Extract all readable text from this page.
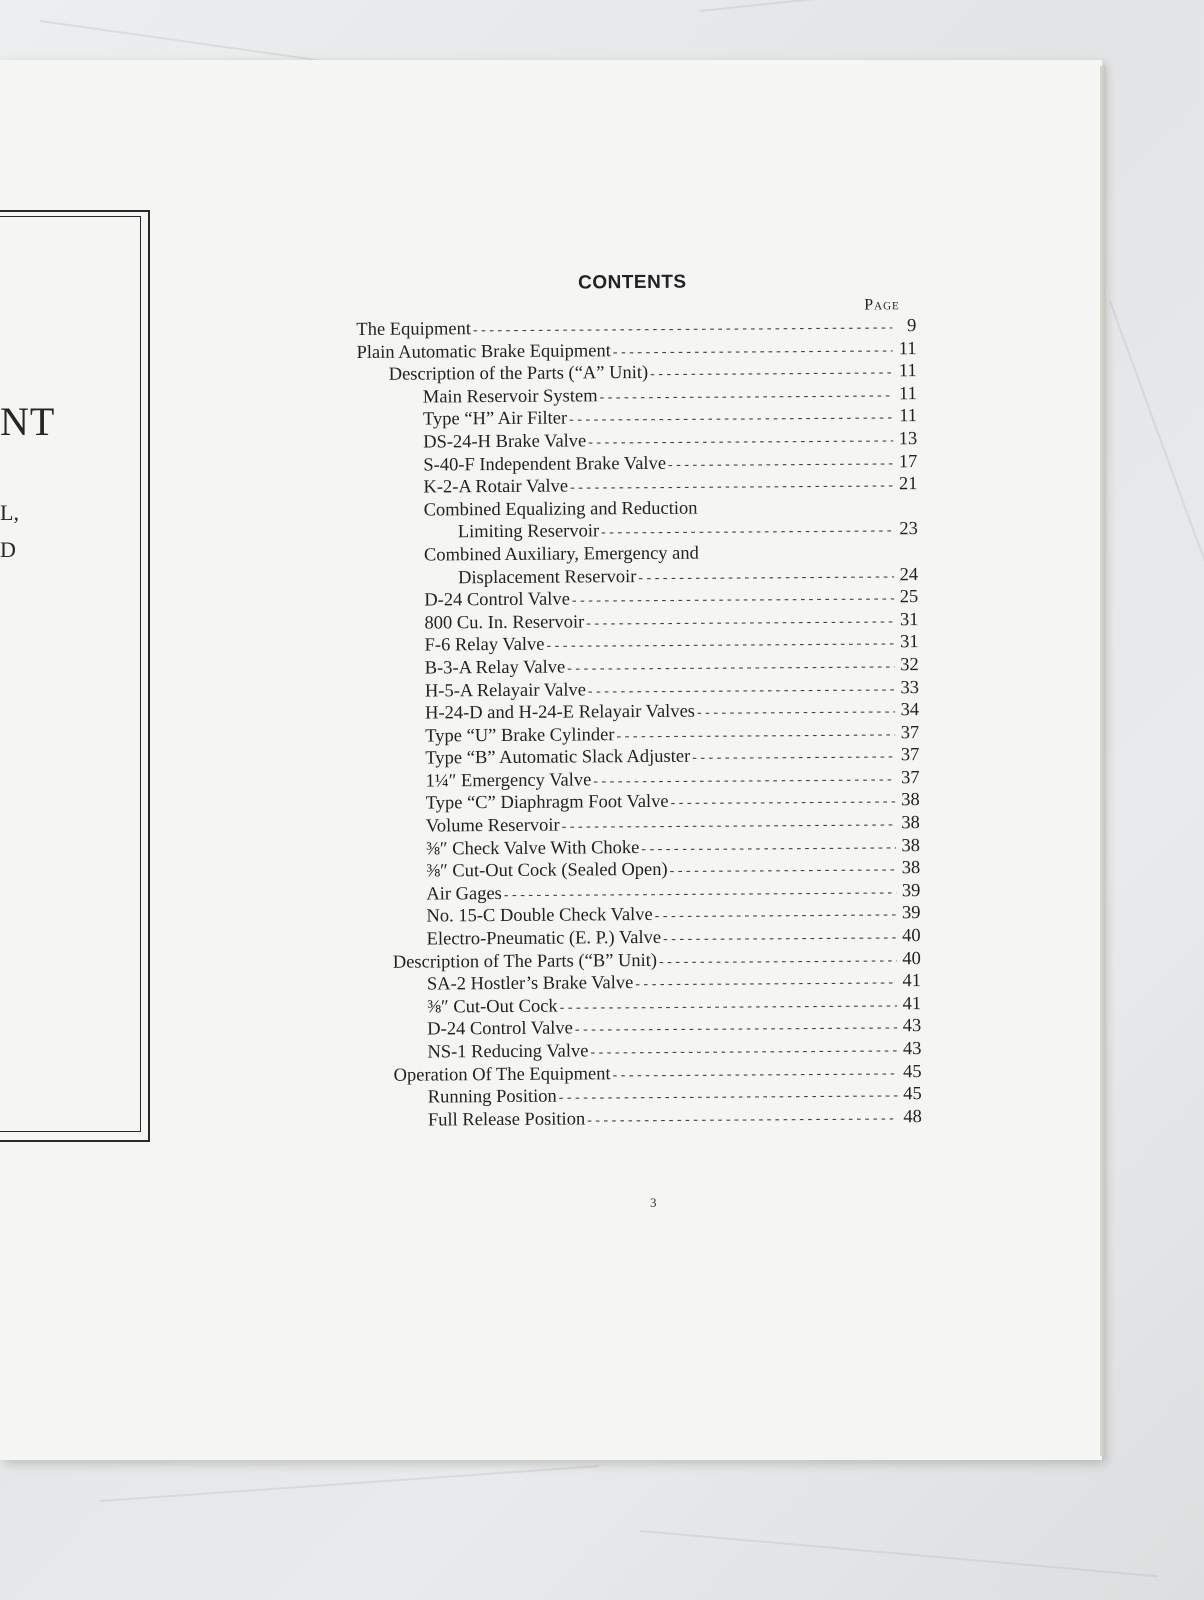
NT
L,
D
CONTENTS
Page
The Equipment - - -	9
Plain Automatic Brake Equipment - - -	11
Description of the Parts (“A” Unit) - - -	11
Main Reservoir System - - -	11
Type “H” Air Filter - - -	11
DS-24-H Brake Valve - - -	13
S-40-F Independent Brake Valve - - -	17
K-2-A Rotair Valve - - -	21
Combined Equalizing and Reduction
Limiting Reservoir - - -	23
Combined Auxiliary, Emergency and
Displacement Reservoir - - -	24
D-24 Control Valve - - -	25
800 Cu. In. Reservoir - - -	31
F-6 Relay Valve - - -	31
B-3-A Relay Valve - - -	32
H-5-A Relayair Valve - - -	33
H-24-D and H-24-E Relayair Valves - - -	34
Type “U” Brake Cylinder - - -	37
Type “B” Automatic Slack Adjuster - - -	37
1¼″ Emergency Valve - - -	37
Type “C” Diaphragm Foot Valve - - -	38
Volume Reservoir - - -	38
⅜″ Check Valve With Choke - - -	38
⅜″ Cut-Out Cock (Sealed Open) - - -	38
Air Gages - - -	39
No. 15-C Double Check Valve - - -	39
Electro-Pneumatic (E. P.) Valve - - -	40
Description of The Parts (“B” Unit) - - -	40
SA-2 Hostler’s Brake Valve - - -	41
⅜″ Cut-Out Cock - - -	41
D-24 Control Valve - - -	43
NS-1 Reducing Valve - - -	43
Operation Of The Equipment - - -	45
Running Position - - -	45
Full Release Position - - -	48
3
